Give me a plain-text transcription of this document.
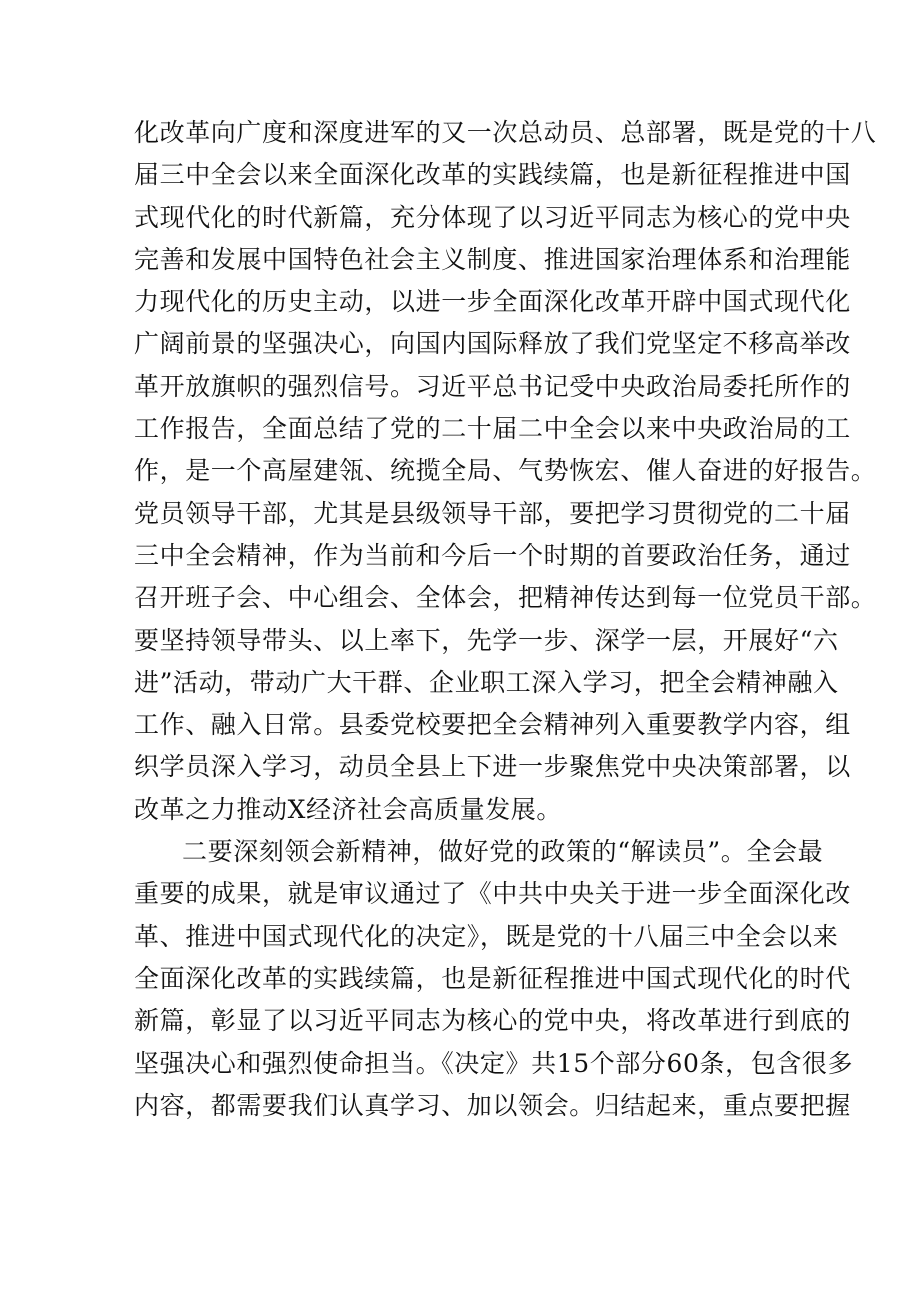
化改革向广度和深度进军的又一次总动员、总部署，既是党的十八
届三中全会以来全面深化改革的实践续篇，也是新征程推进中国
式现代化的时代新篇，充分体现了以习近平同志为核心的党中央
完善和发展中国特色社会主义制度、推进国家治理体系和治理能
力现代化的历史主动，以进一步全面深化改革开辟中国式现代化
广阔前景的坚强决心，向国内国际释放了我们党坚定不移高举改
革开放旗帜的强烈信号。习近平总书记受中央政治局委托所作的
工作报告，全面总结了党的二十届二中全会以来中央政治局的工
作，是一个高屋建瓴、统揽全局、气势恢宏、催人奋进的好报告。
党员领导干部，尤其是县级领导干部，要把学习贯彻党的二十届
三中全会精神，作为当前和今后一个时期的首要政治任务，通过
召开班子会、中心组会、全体会，把精神传达到每一位党员干部。
要坚持领导带头、以上率下，先学一步、深学一层，开展好“六
进”活动，带动广大干群、企业职工深入学习，把全会精神融入
工作、融入日常。县委党校要把全会精神列入重要教学内容，组
织学员深入学习，动员全县上下进一步聚焦党中央决策部署，以
改革之力推动X经济社会高质量发展。
二要深刻领会新精神，做好党的政策的“解读员”。全会最
重要的成果，就是审议通过了《中共中央关于进一步全面深化改
革、推进中国式现代化的决定》，既是党的十八届三中全会以来
全面深化改革的实践续篇，也是新征程推进中国式现代化的时代
新篇，彰显了以习近平同志为核心的党中央，将改革进行到底的
坚强决心和强烈使命担当。《决定》共15个部分60条，包含很多
内容，都需要我们认真学习、加以领会。归结起来，重点要把握
